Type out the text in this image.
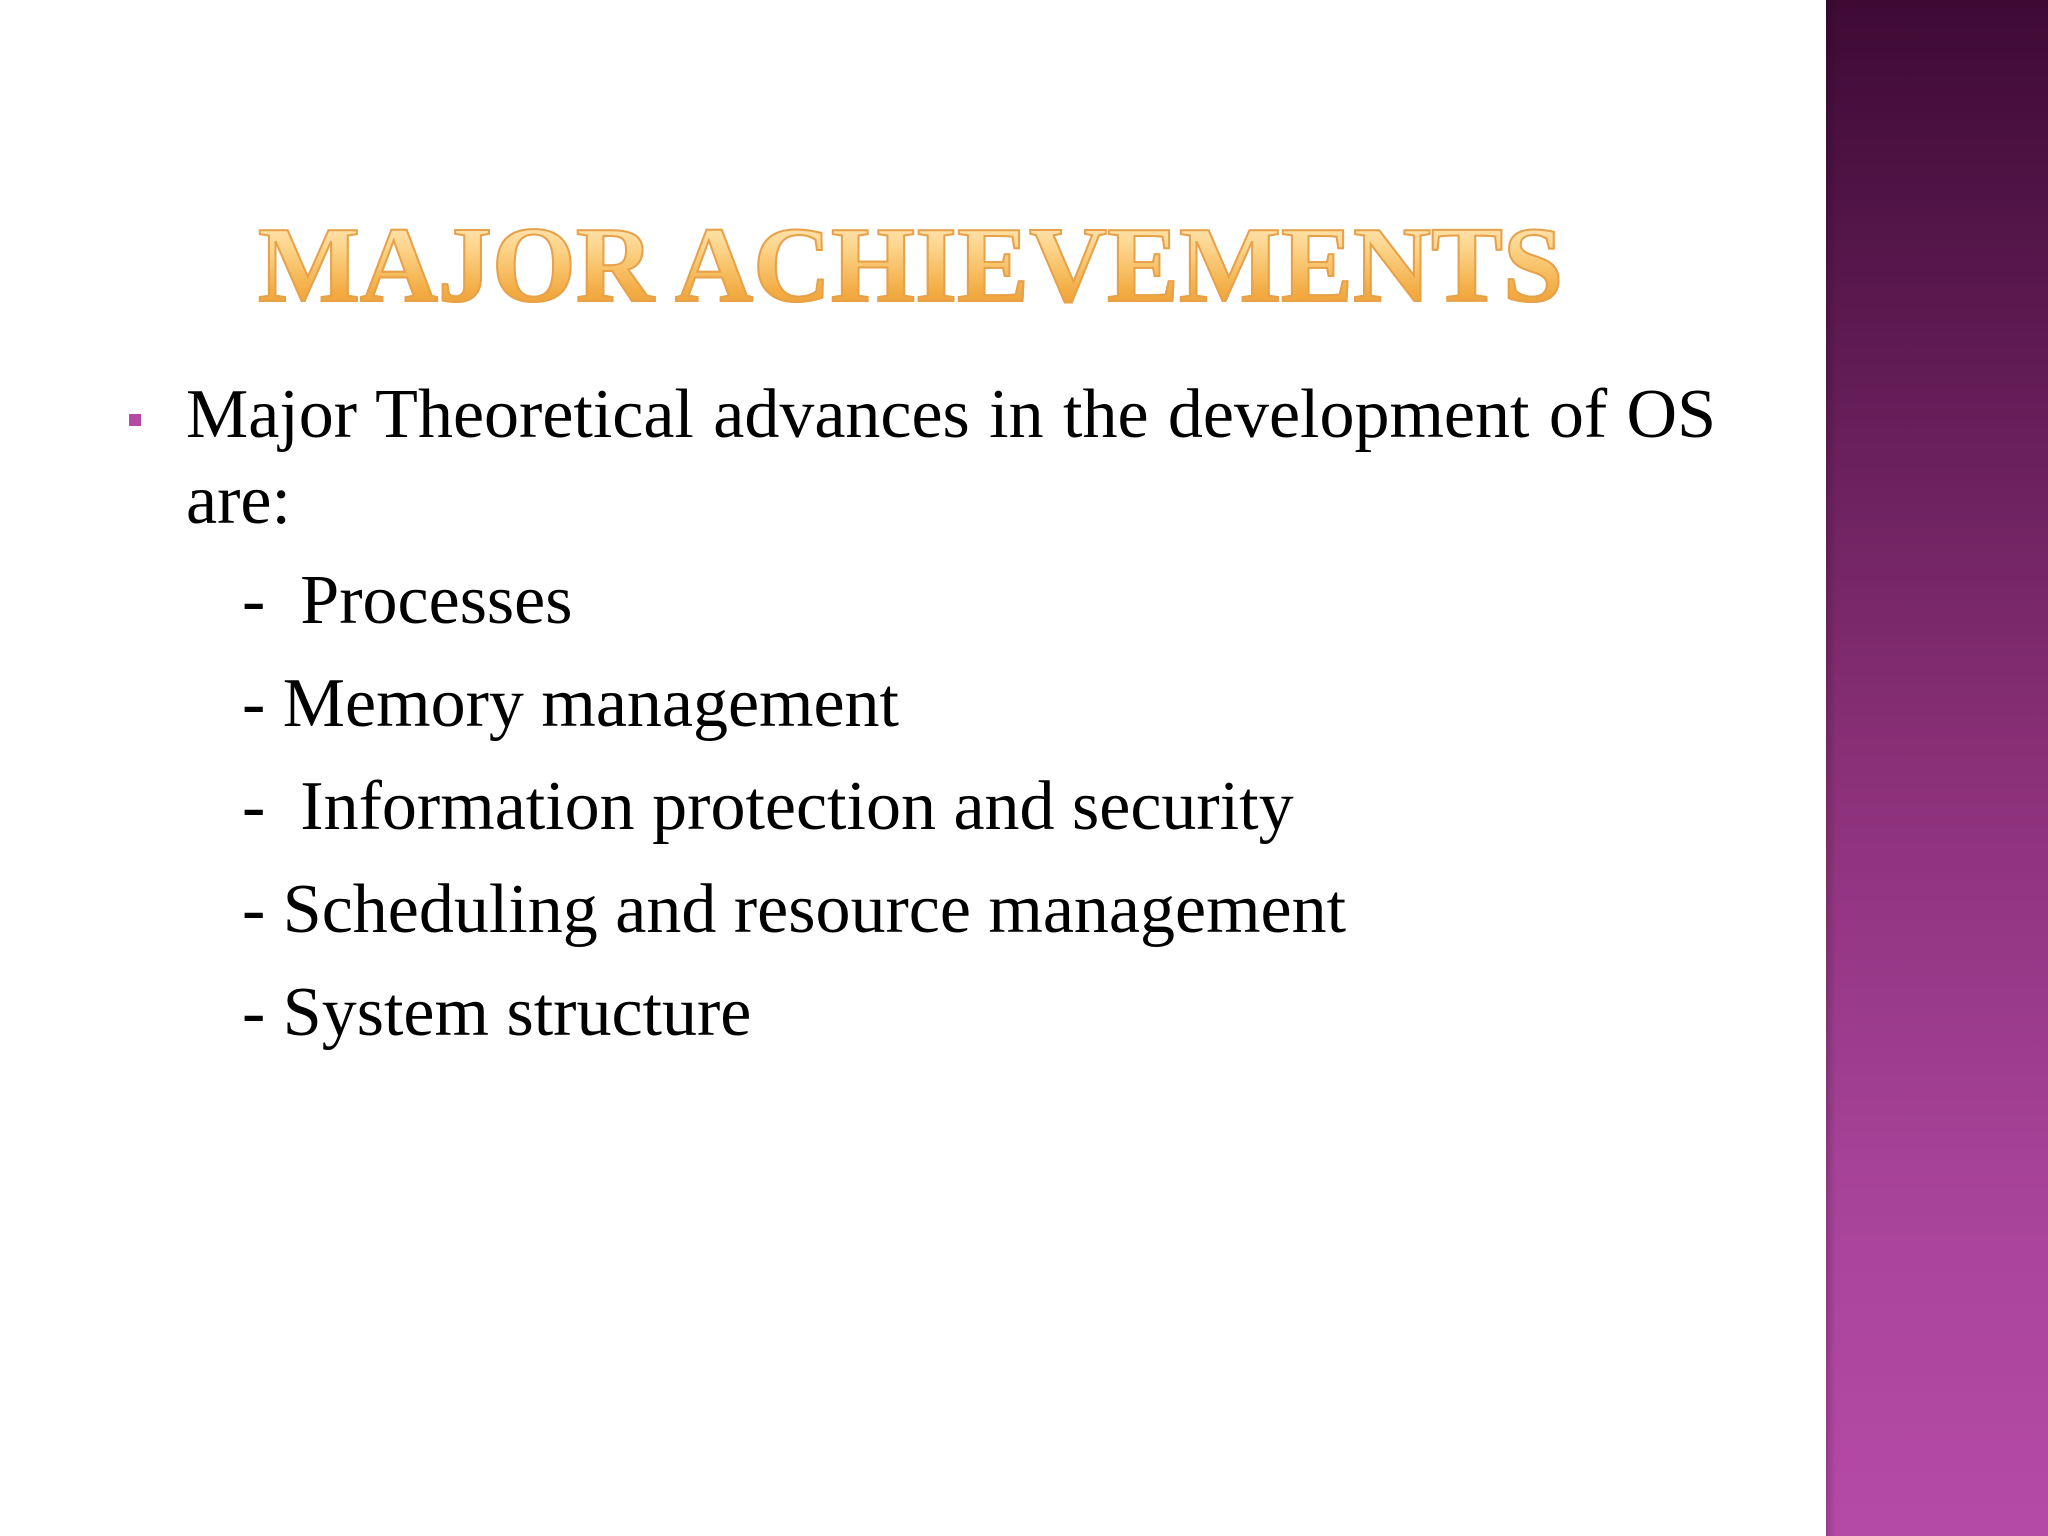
MAJOR ACHIEVEMENTS
Major Theoretical advances in the development of OS are:
-  Processes
- Memory management
-  Information protection and security
- Scheduling and resource management
- System structure
